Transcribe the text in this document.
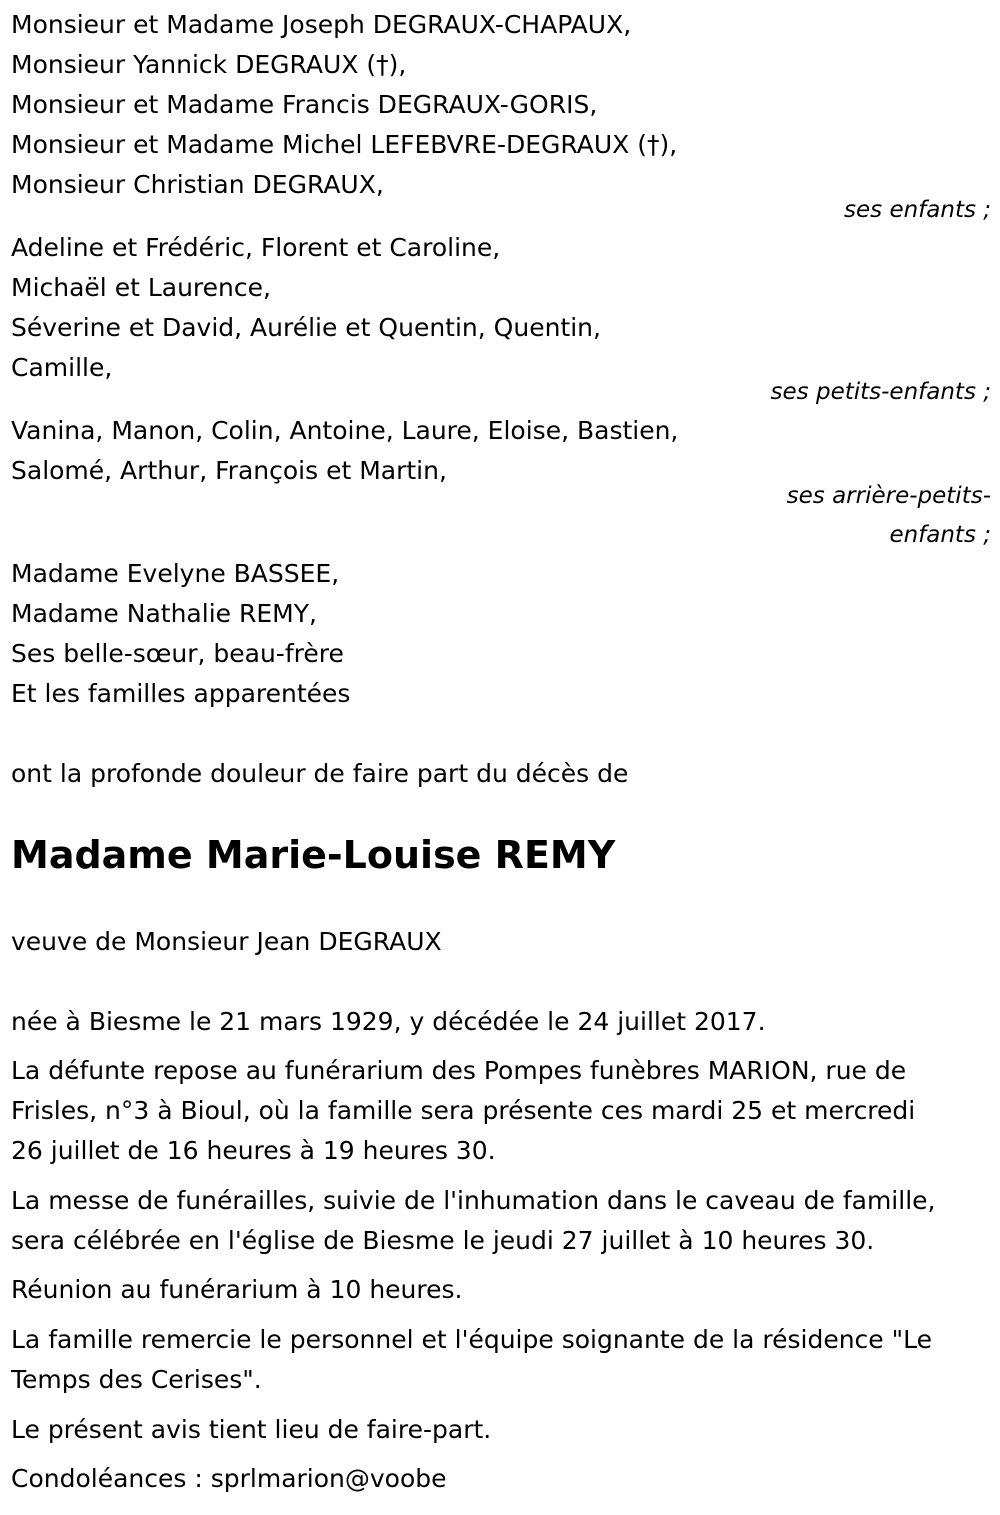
Monsieur et Madame Joseph DEGRAUX-CHAPAUX,
Monsieur Yannick DEGRAUX (†),
Monsieur et Madame Francis DEGRAUX-GORIS,
Monsieur et Madame Michel LEFEBVRE-DEGRAUX (†),
Monsieur Christian DEGRAUX,
ses enfants ;
Adeline et Frédéric, Florent et Caroline,
Michaël et Laurence,
Séverine et David, Aurélie et Quentin, Quentin,
Camille,
ses petits-enfants ;
Vanina, Manon, Colin, Antoine, Laure, Eloise, Bastien,
Salomé, Arthur, François et Martin,
ses arrière-petits-
enfants ;
Madame Evelyne BASSEE,
Madame Nathalie REMY,
Ses belle-sœur, beau-frère
Et les familles apparentées
ont la profonde douleur de faire part du décès de
Madame Marie-Louise REMY
veuve de Monsieur Jean DEGRAUX
née à Biesme le 21 mars 1929, y décédée le 24 juillet 2017.
La défunte repose au funérarium des Pompes funèbres MARION, rue de
Frisles, n°3 à Bioul, où la famille sera présente ces mardi 25 et mercredi
26 juillet de 16 heures à 19 heures 30.
La messe de funérailles, suivie de l'inhumation dans le caveau de famille,
sera célébrée en l'église de Biesme le jeudi 27 juillet à 10 heures 30.
Réunion au funérarium à 10 heures.
La famille remercie le personnel et l'équipe soignante de la résidence "Le
Temps des Cerises".
Le présent avis tient lieu de faire-part.
Condoléances : sprlmarion@voobe
